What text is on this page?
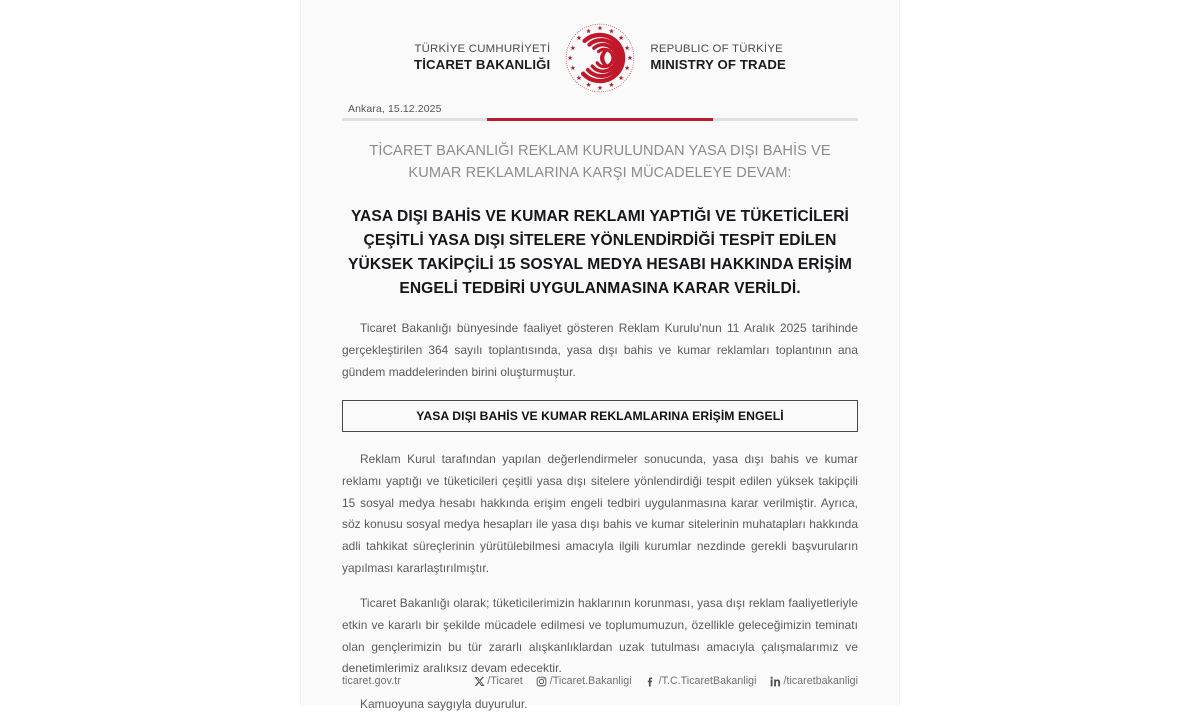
TÜRKİYE CUMHURİYETİ
TİCARET BAKANLIĞI
REPUBLIC OF TÜRKİYE
MINISTRY OF TRADE
Ankara, 15.12.2025
TİCARET BAKANLIĞI REKLAM KURULUNDAN YASA DIŞI BAHİS VE KUMAR REKLAMLARINA KARŞI MÜCADELEYE DEVAM:
YASA DIŞI BAHİS VE KUMAR REKLAMI YAPTIĞI VE TÜKETİCİLERİ ÇEŞİTLİ YASA DIŞI SİTELERE YÖNLENDİRDİĞİ TESPİT EDİLEN YÜKSEK TAKİPÇİLİ 15 SOSYAL MEDYA HESABI HAKKINDA ERİŞİM ENGELİ TEDBİRİ UYGULANMASINA KARAR VERİLDİ.

Ticaret Bakanlığı bünyesinde faaliyet gösteren Reklam Kurulu'nun 11 Aralık 2025 tarihinde gerçekleştirilen 364 sayılı toplantısında, yasa dışı bahis ve kumar reklamları toplantının ana gündem maddelerinden birini oluşturmuştur.

YASA DIŞI BAHİS VE KUMAR REKLAMLARINA ERİŞİM ENGELİ

Reklam Kurul tarafından yapılan değerlendirmeler sonucunda, yasa dışı bahis ve kumar reklamı yaptığı ve tüketicileri çeşitli yasa dışı sitelere yönlendirdiği tespit edilen yüksek takipçili 15 sosyal medya hesabı hakkında erişim engeli tedbiri uygulanmasına karar verilmiştir. Ayrıca, söz konusu sosyal medya hesapları ile yasa dışı bahis ve kumar sitelerinin muhatapları hakkında adli tahkikat süreçlerinin yürütülebilmesi amacıyla ilgili kurumlar nezdinde gerekli başvuruların yapılması kararlaştırılmıştır.

Ticaret Bakanlığı olarak; tüketicilerimizin haklarının korunması, yasa dışı reklam faaliyetleriyle etkin ve kararlı bir şekilde mücadele edilmesi ve toplumumuzun, özellikle geleceğimizin teminatı olan gençlerimizin bu tür zararlı alışkanlıklardan uzak tutulması amacıyla çalışmalarımız ve denetimlerimiz aralıksız devam edecektir.

Kamuoyuna saygıyla duyurulur.

ticaret.gov.tr	/Ticaret	/Ticaret.Bakanligi	/T.C.TicaretBakanligi	/ticaretbakanligi
